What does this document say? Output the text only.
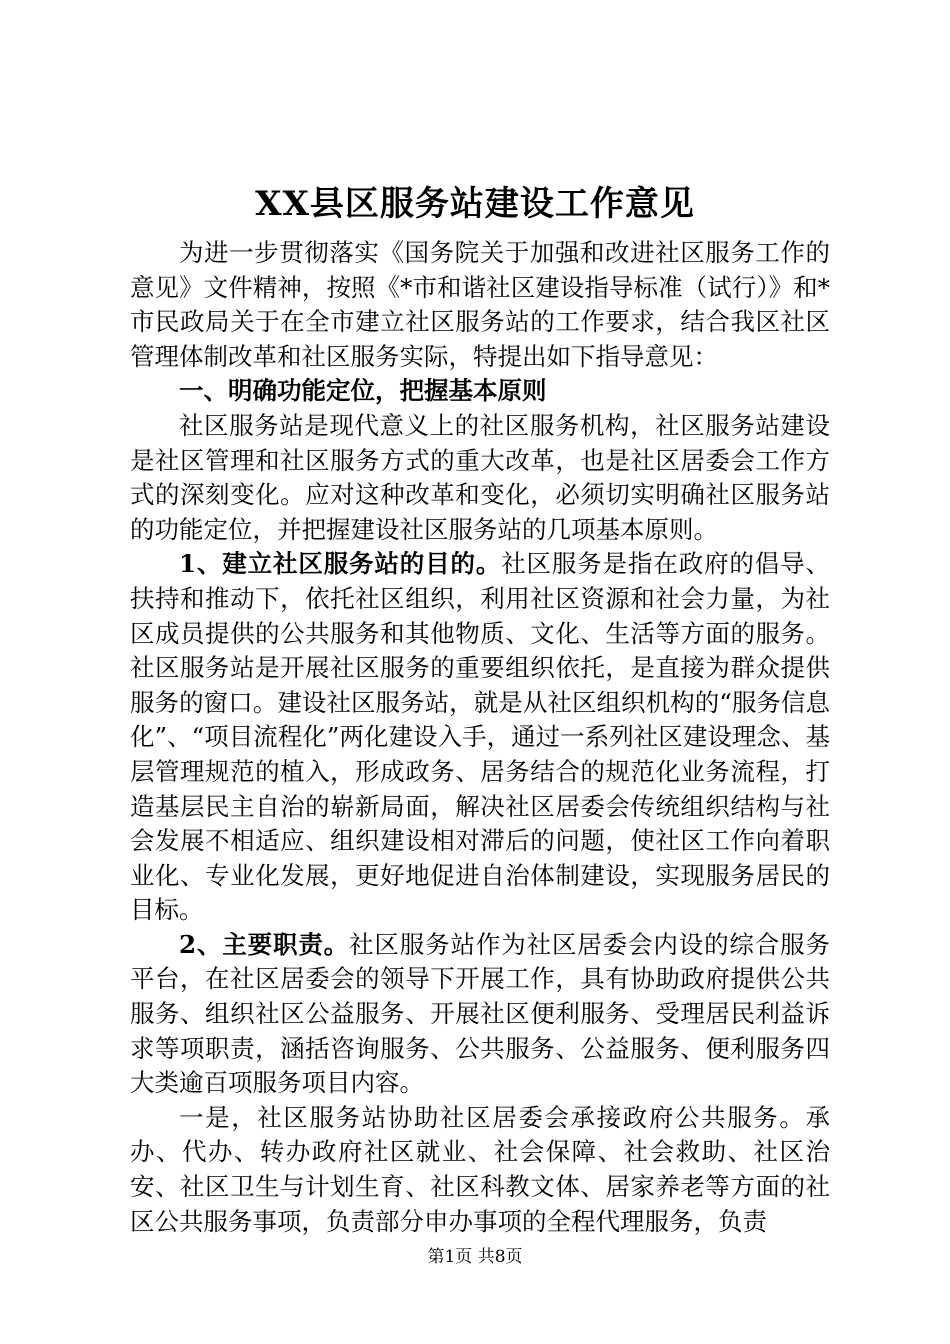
XX县区服务站建设工作意见

为进一步贯彻落实《国务院关于加强和改进社区服务工作的意见》文件精神，按照《*市和谐社区建设指导标准（试行）》和*市民政局关于在全市建立社区服务站的工作要求，结合我区社区管理体制改革和社区服务实际，特提出如下指导意见：

一、明确功能定位，把握基本原则

社区服务站是现代意义上的社区服务机构，社区服务站建设是社区管理和社区服务方式的重大改革，也是社区居委会工作方式的深刻变化。应对这种改革和变化，必须切实明确社区服务站的功能定位，并把握建设社区服务站的几项基本原则。

1、建立社区服务站的目的。社区服务是指在政府的倡导、扶持和推动下，依托社区组织，利用社区资源和社会力量，为社区成员提供的公共服务和其他物质、文化、生活等方面的服务。社区服务站是开展社区服务的重要组织依托，是直接为群众提供服务的窗口。建设社区服务站，就是从社区组织机构的“服务信息化”、“项目流程化”两化建设入手，通过一系列社区建设理念、基层管理规范的植入，形成政务、居务结合的规范化业务流程，打造基层民主自治的崭新局面，解决社区居委会传统组织结构与社会发展不相适应、组织建设相对滞后的问题，使社区工作向着职业化、专业化发展，更好地促进自治体制建设，实现服务居民的目标。

2、主要职责。社区服务站作为社区居委会内设的综合服务平台，在社区居委会的领导下开展工作，具有协助政府提供公共服务、组织社区公益服务、开展社区便利服务、受理居民利益诉求等项职责，涵括咨询服务、公共服务、公益服务、便利服务四大类逾百项服务项目内容。

一是，社区服务站协助社区居委会承接政府公共服务。承办、代办、转办政府社区就业、社会保障、社会救助、社区治安、社区卫生与计划生育、社区科教文体、居家养老等方面的社区公共服务事项，负责部分申办事项的全程代理服务，负责

第1页 共8页
